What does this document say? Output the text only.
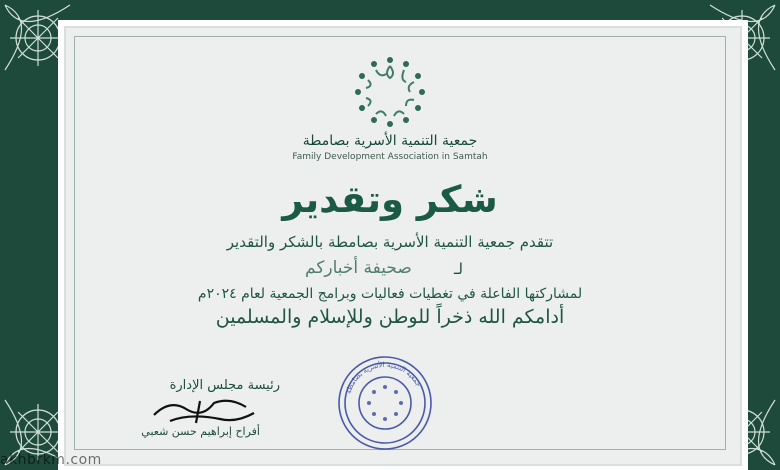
جمعية التنمية الأسرية بصامطة
Family Development Association in Samtah
شكر وتقدير
تتقدم جمعية التنمية الأسرية بصامطة بالشكر والتقدير
لـ
صحيفة أخباركم
لمشاركتها الفاعلة في تغطيات فعاليات وبرامج الجمعية لعام ٢٠٢٤م
أدامكم الله ذخراً للوطن وللإسلام والمسلمين
رئيسة مجلس الإدارة
أفراح إبراهيم حسن شعبي
جمعية التنمية الأسرية بصامطة
akhbrkm.com
